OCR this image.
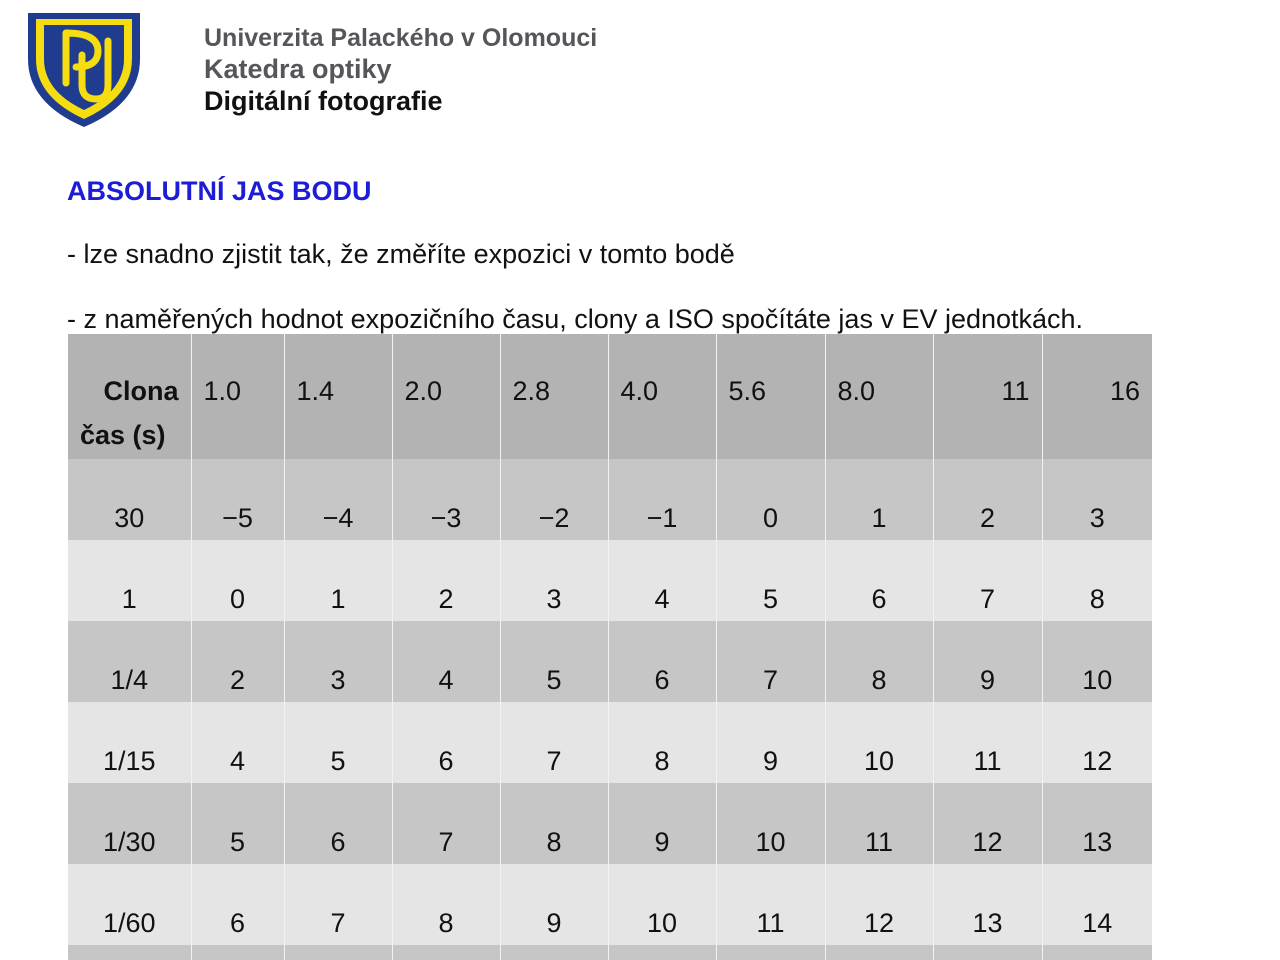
Univerzita Palackého v Olomouci
Katedra optiky
Digitální fotografie
ABSOLUTNÍ JAS BODU
- lze snadno zjistit tak, že změříte expozici v tomto bodě
- z naměřených hodnot expozičního času, clony a ISO spočítáte jas v EV jednotkách.
Clona
čas (s)	1.0	1.4	2.0	2.8	4.0	5.6	8.0	11	16
30	−5	−4	−3	−2	−1	0	1	2	3
1	0	1	2	3	4	5	6	7	8
1/4	2	3	4	5	6	7	8	9	10
1/15	4	5	6	7	8	9	10	11	12
1/30	5	6	7	8	9	10	11	12	13
1/60	6	7	8	9	10	11	12	13	14
